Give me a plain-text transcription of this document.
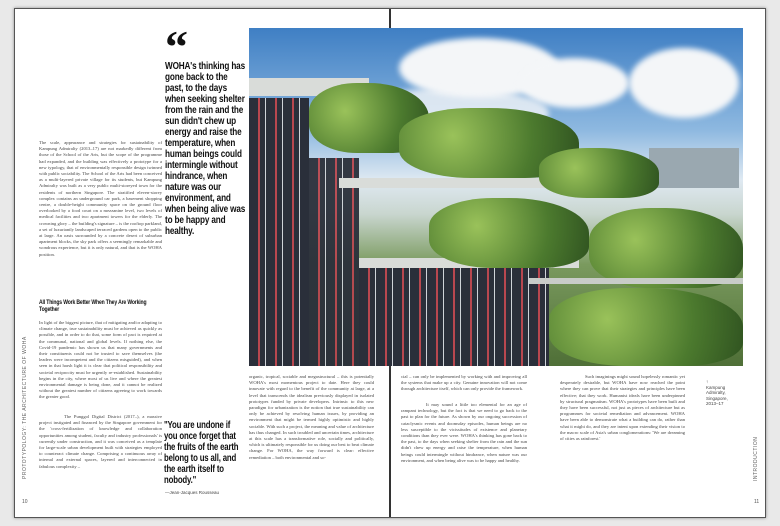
“
WOHA's thinking has gone back to the past, to the days when seeking shelter from the rain and the sun didn't chew up energy and raise the temperature, when human beings could intermingle without hindrance, when nature was our environment, and when being alive was to be happy and healthy.
The scale, appearance and strategies for sustainability of Kampung Admiralty (2013–17) are not markedly different from those of the School of the Arts, but the scope of the programme had expanded, and the building was effectively a prototype for a new typology, that of environmentally responsible design twinned with public sociability. The School of the Arts had been conceived as a multi-layered private village for its students, but Kampung Admiralty was built as a very public multi-storeyed town for the residents of northern Singapore. The stratified eleven-storey complex contains an underground car park, a basement shopping centre, a double-height community space on the ground floor overlooked by a food court on a mezzanine level, two levels of medical facilities and two apartment towers for the elderly. The crowning glory – the building's signature – is the rooftop parkland, a set of luxuriantly landscaped terraced gardens open to the public at large. An oasis surrounded by a concrete desert of suburban apartment blocks, the sky park offers a seemingly remarkable and wondrous experience, but it is only natural, and that is the WOHA position.
All Things Work Better When They Are Working Together
In light of the biggest picture, that of mitigating and/or adapting to climate change, true sustainability must be achieved as quickly as possible, and in order to do that, some form of pact is required at the communal, national and global levels. If nothing else, the Covid-19 pandemic has shown us that many governments and their constituents could not be trusted to save themselves (the leaders were incompetent and the citizens misguided), and when seen in that harsh light it is clear that political responsibility and societal reciprocity must be urgently re-established. Sustainability begins in the city, where most of us live and where the greatest environmental damage is being done, and it cannot be realized without the greatest number of citizens agreeing to work towards the greater good.
The Punggol Digital District (2017–), a massive project instigated and financed by the Singapore government for the 'cross-fertilization of knowledge and collaboration opportunities among student, faculty and industry professionals' is currently under construction, and it was conceived as a template for large-scale urban development built with strategies employed to counteract climate change. Comprising a continuous array of internal and external spaces, layered and interconnected in fabulous complexity –
"You are undone if you once forget that the fruits of the earth belong to us all, and the earth itself to nobody."
—Jean-Jacques Rousseau
organic, tropical, sociable and megastructural – this is potentially WOHA's most momentous project to date. Here they could innovate with regard to the benefit of the community at large, at a level that transcends the idealism previously displayed in isolated prototypes funded by private developers. Intrinsic to this new paradigm for urbanization is the notion that true sustainability can only be achieved by resolving human issues, by providing an environment that might be termed highly optimistic and highly sociable. With such a project, the meaning and value of architecture has thus changed. In such troubled and uncertain times, architecture at this scale has a transformative role, socially and politically, which is ultimately responsible for us doing our best to beat climate change. For WOHA, the way forward is clear: effective remediation – both environmental and so-
cial – can only be implemented by working with and improving all the systems that make up a city. Genuine innovation will not come through architecture itself, which can only provide the framework.
It may sound a little too elemental for an age of rampant technology, but the fact is that we need to go back to the past to plan for the future. As shown by our ongoing succession of cataclysmic events and doomsday episodes, human beings are no less susceptible to the vicissitudes of existence and planetary conditions than they ever were. WOHA's thinking has gone back to the past, to the days when seeking shelter from the rain and the sun didn't chew up energy and raise the temperature, when human beings could intermingle without hindrance, when nature was our environment, and when being alive was to be happy and healthy.
Such imaginings might sound hopelessly romantic yet desperately desirable, but WOHA have now reached the point where they can prove that their strategies and principles have been effective; that they work. Humanist ideals have been underpinned by structural pragmatism. WOHA's prototypes have been built and they have been successful, not just as pieces of architecture but as programmes for societal remediation and advancement. WOHA have been able to demonstrate what a building can do, rather than what it might do, and they are intent upon extending their vision to the macro scale of Asia's urban conglomerations: 'We are dreaming of cities as rainforest.'
↑
Kampung Admiralty, Singapore, 2013–17
PROTOTYPOLOGY: THE ARCHITECTURE OF WOHA
10
INTRODUCTION
11
